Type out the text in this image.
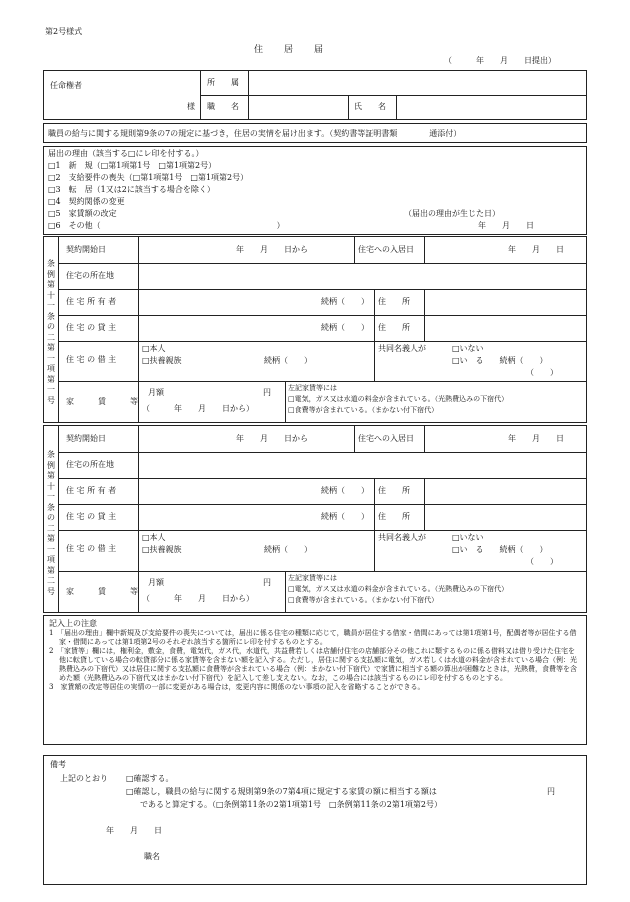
第2号様式
住　　居　　届
（　　　年　　月　　日提出）
任命権者
様
所　　属
職　　名	氏　　名
職員の給与に関する規則第9条の7の規定に基づき，住居の実情を届け出ます。（契約書等証明書類　　　　通添付）
届出の理由（該当する□にレ印を付する。）
□1　新　規（□第1項第1号　□第1項第2号）
□2　支給要件の喪失（□第1項第1号　□第1項第2号）
□3　転　居（1又は2に該当する場合を除く）
□4　契約関係の変更
□5　家賃額の改定
□6　その他（　　　　　　　　　　　　　　　　　　　　　　）
（届出の理由が生じた日）
年　　月　　日
条例第十一条の二第一項第一号
契約開始日	年　　月　　日から	住宅への入居日	年　　月　　日
住宅の所在地
住 宅 所 有 者	続柄（　　） 住　　所
住 宅 の 貸 主	続柄（　　） 住　　所
住 宅 の 借 主
□本人
□扶養親族	続柄（　　）
共同名義人が	□いない
□い　る　　続柄（　　）
（　　）
家　　　賃　　　等
月額	円
（　　　年　　月　　日から）
左記家賃等には
□電気，ガス又は水道の料金が含まれている。（光熱費込みの下宿代）
□食費等が含まれている。（まかない付下宿代）
条例第十一条の二第一項第二号
契約開始日	年　　月　　日から	住宅への入居日	年　　月　　日
住宅の所在地
住 宅 所 有 者	続柄（　　） 住　　所
住 宅 の 貸 主	続柄（　　） 住　　所
住 宅 の 借 主
□本人
□扶養親族	続柄（　　）
共同名義人が	□いない
□い　る　　続柄（　　）
（　　）
家　　　賃　　　等
月額	円
（　　　年　　月　　日から）
左記家賃等には
□電気，ガス又は水道の料金が含まれている。（光熱費込みの下宿代）
□食費等が含まれている。（まかない付下宿代）

記入上の注意

1　「届出の理由」欄中新規及び支給要件の喪失については，届出に係る住宅の種類に応じて，職員が居住する借家・借間にあっては第1項第1号，配偶者等が居住する借家・借間にあっては第1項第2号のそれぞれ該当する箇所にレ印を付するものとする。

2　「家賃等」欄には，権利金，敷金，食費，電気代，ガス代，水道代，共益費若しくは店舗付住宅の店舗部分その他これに類するものに係る借料又は借り受けた住宅を他に転貸している場合の転貸部分に係る家賃等を含まない額を記入する。ただし，居住に関する支払額に電気，ガス若しくは水道の料金が含まれている場合（例：光熱費込みの下宿代）又は居住に関する支払額に食費等が含まれている場合（例：まかない付下宿代）で家賃に相当する額の算出が困難なときは，光熱費，食費等を含めた額（光熱費込みの下宿代又はまかない付下宿代）を記入して差し支えない。なお，この場合には該当するものにレ印を付するものとする。

3　家賃額の改定等居住の実情の一部に変更がある場合は，変更内容に関係のない事項の記入を省略することができる。

備考
上記のとおり □確認する。
□確認し，職員の給与に関する規則第9条の7第4項に規定する家賃の額に相当する額は	円
であると算定する。（□条例第11条の2第1項第1号　□条例第11条の2第1項第2号）
年　　月　　日
職名
